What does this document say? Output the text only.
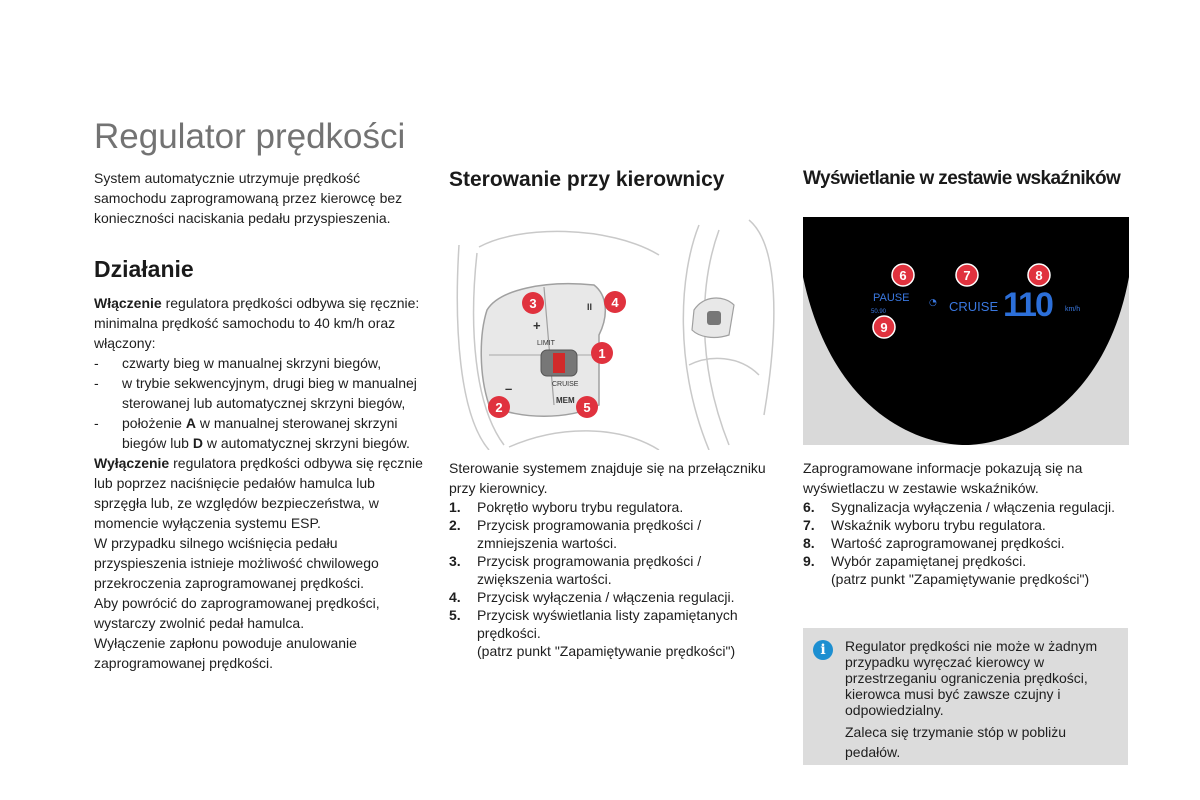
Regulator prędkości
System automatycznie utrzymuje prędkość samochodu zaprogramowaną przez kierowcę bez konieczności naciskania pedału przyspieszenia.
Działanie

Włączenie regulatora prędkości odbywa się ręcznie: minimalna prędkość samochodu to 40 km/h oraz włączony:

-	czwarty bieg w manualnej skrzyni biegów,
-	w trybie sekwencyjnym, drugi bieg w manualnej sterowanej lub automatycznej skrzyni biegów,
-	położenie A w manualnej sterowanej skrzyni biegów lub D w automatycznej skrzyni biegów.

Wyłączenie regulatora prędkości odbywa się ręcznie lub poprzez naciśnięcie pedałów hamulca lub sprzęgła lub, ze względów bezpieczeństwa, w momencie wyłączenia systemu ESP.

W przypadku silnego wciśnięcia pedału przyspieszenia istnieje możliwość chwilowego przekroczenia zaprogramowanej prędkości.

Aby powrócić do zaprogramowanej prędkości, wystarczy zwolnić pedał hamulca.

Wyłączenie zapłonu powoduje anulowanie zaprogramowanej prędkości.

Sterowanie przy kierownicy
LIMIT
CRUISE
MEM
+
–
II
1
2
3	4
5
Sterowanie systemem znajduje się na przełączniku przy kierownicy.
1.	Pokrętło wyboru trybu regulatora.
2.	Przycisk programowania prędkości / zmniejszenia wartości.
3.	Przycisk programowania prędkości / zwiększenia wartości.
4.	Przycisk wyłączenia / włączenia regulacji.
5.	Przycisk wyświetlania listy zapamiętanych prędkości.
(patrz punkt "Zapamiętywanie prędkości")
Wyświetlanie w zestawie wskaźników
PAUSE
50.90
◔ CRUISE 110 km/h
6	7	8
9
Zaprogramowane informacje pokazują się na wyświetlaczu w zestawie wskaźników.
6.	Sygnalizacja wyłączenia / włączenia regulacji.
7.	Wskaźnik wyboru trybu regulatora.
8.	Wartość zaprogramowanej prędkości.
9.	Wybór zapamiętanej prędkości.
(patrz punkt "Zapamiętywanie prędkości")
i	Regulator prędkości nie może w żadnym przypadku wyręczać kierowcy w przestrzeganiu ograniczenia prędkości, kierowca musi być zawsze czujny i odpowiedzialny.

Zaleca się trzymanie stóp w pobliżu pedałów.
